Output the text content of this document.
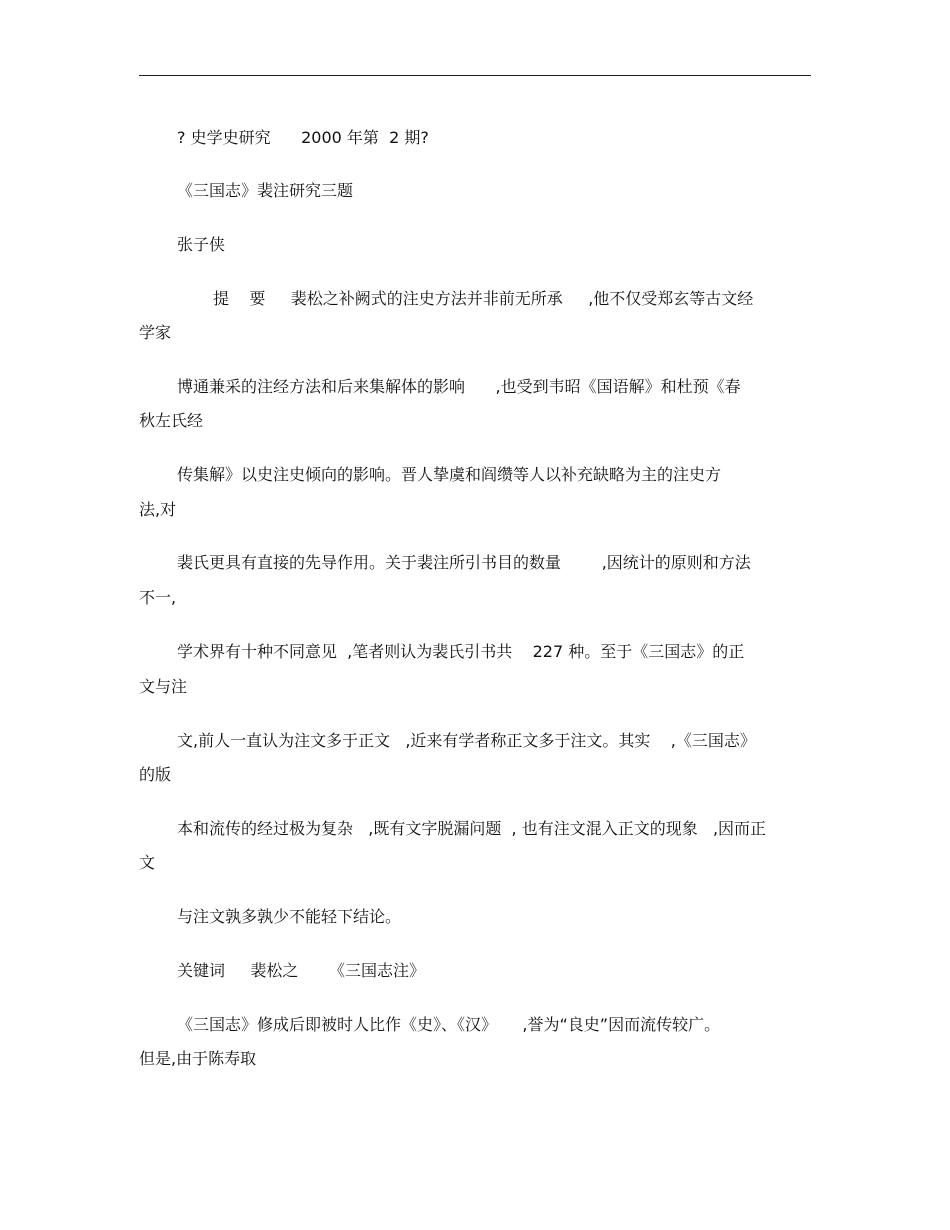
? 史学史研究      2000 年第  2 期?
《三国志》裴注研究三题
张子侠
提    要     裴松之补阙式的注史方法并非前无所承     ,他不仅受郑玄等古文经
学家
博通兼采的注经方法和后来集解体的影响      ,也受到韦昭《国语解》和杜预《春
秋左氏经
传集解》以史注史倾向的影响。晋人挚虞和阎缵等人以补充缺略为主的注史方
法,对
裴氏更具有直接的先导作用。关于裴注所引书目的数量        ,因统计的原则和方法
不一,
学术界有十种不同意见  ,笔者则认为裴氏引书共    227 种。至于《三国志》的正
文与注
文,前人一直认为注文多于正文   ,近来有学者称正文多于注文。其实    ,《三国志》
的版
本和流传的经过极为复杂   ,既有文字脱漏问题  , 也有注文混入正文的现象   ,因而正
文
与注文孰多孰少不能轻下结论。
关键词     裴松之      《三国志注》
《三国志》修成后即被时人比作《史》、《汉》     ,誉为“良史”因而流传较广。
但是,由于陈寿取
